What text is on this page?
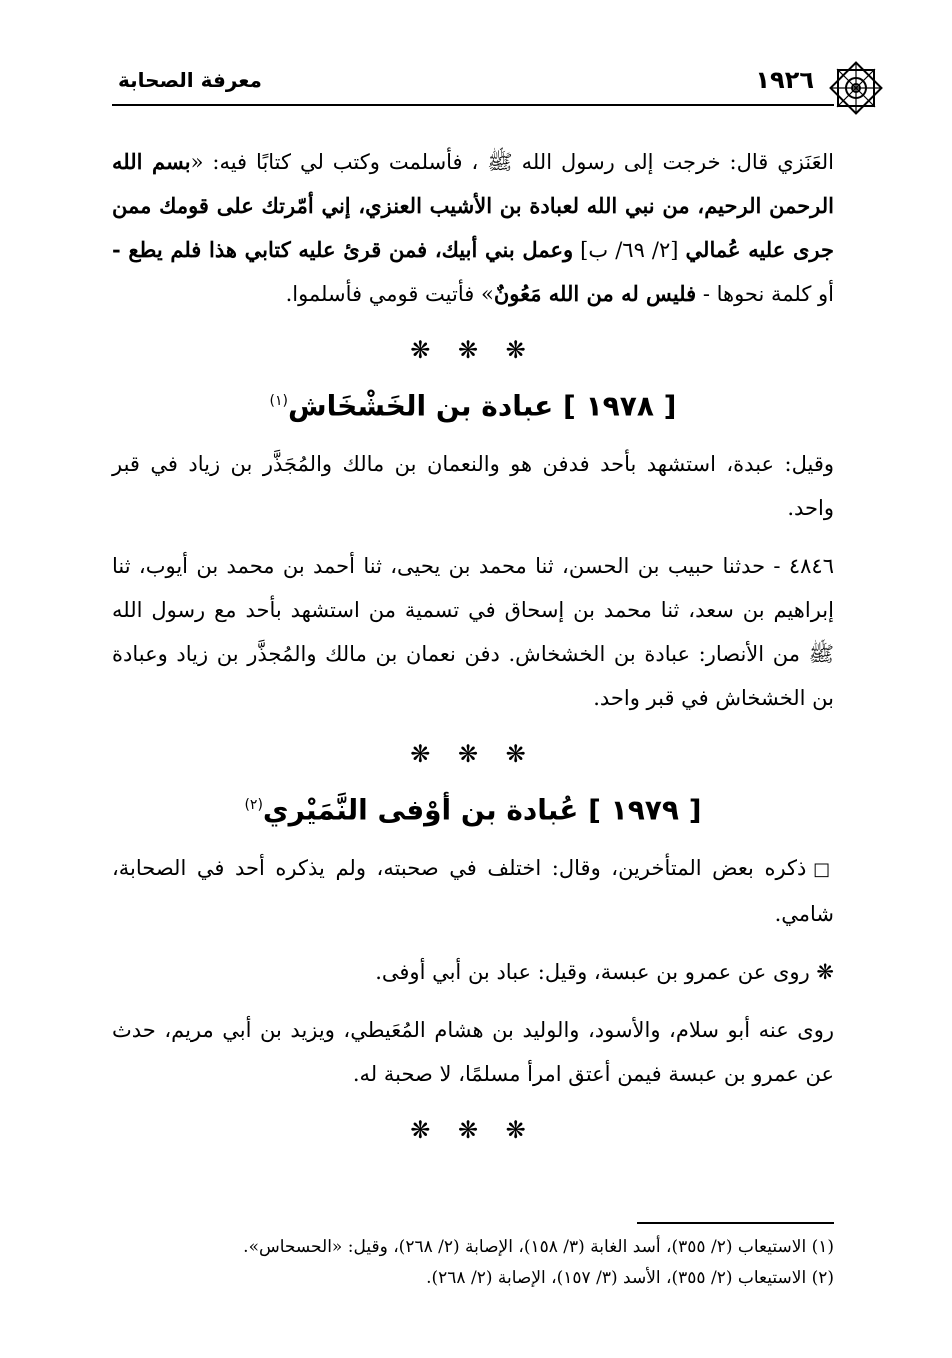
١٩٢٦
معرفة الصحابة

العَنَزي قال: خرجت إلى رسول الله ﷺ ، فأسلمت وكتب لي كتابًا فيه: «بسم الله الرحمن الرحيم، من نبي الله لعبادة بن الأشيب العنزي، إني أمّرتك على قومك ممن جرى عليه عُمالي [٢/ ٦٩/ ب] وعمل بني أبيك، فمن قرئ عليه كتابي هذا فلم يطع - أو كلمة نحوها - فليس له من الله مَعُونٌ» فأتيت قومي فأسلموا.

❋ ❋ ❋
[ ١٩٧٨ ] عبادة بن الخَشْخَاش$^{(١)}$

وقيل: عبدة، استشهد بأحد فدفن هو والنعمان بن مالك والمُجَذَّر بن زياد في قبر واحد.

٤٨٤٦ - حدثنا حبيب بن الحسن، ثنا محمد بن يحيى، ثنا أحمد بن محمد بن أيوب، ثنا إبراهيم بن سعد، ثنا محمد بن إسحاق في تسمية من استشهد بأحد مع رسول الله ﷺ من الأنصار: عبادة بن الخشخاش. دفن نعمان بن مالك والمُجذَّر بن زياد وعبادة بن الخشخاش في قبر واحد.

❋ ❋ ❋
[ ١٩٧٩ ] عُبادة بن أوْفى النَّمَيْري$^{(٢)}$

□ ذكره بعض المتأخرين، وقال: اختلف في صحبته، ولم يذكره أحد في الصحابة، شامي.

❋ روى عن عمرو بن عبسة، وقيل: عباد بن أبي أوفى.

روى عنه أبو سلام، والأسود، والوليد بن هشام المُعَيطي، ويزيد بن أبي مريم، حدث عن عمرو بن عبسة فيمن أعتق امرأ مسلمًا، لا صحبة له.

❋ ❋ ❋

(١) الاستيعاب (٢/ ٣٥٥)، أسد الغابة (٣/ ١٥٨)، الإصابة (٢/ ٢٦٨)، وقيل: «الحسحاس».

(٢) الاستيعاب (٢/ ٣٥٥)، الأسد (٣/ ١٥٧)، الإصابة (٢/ ٢٦٨).
